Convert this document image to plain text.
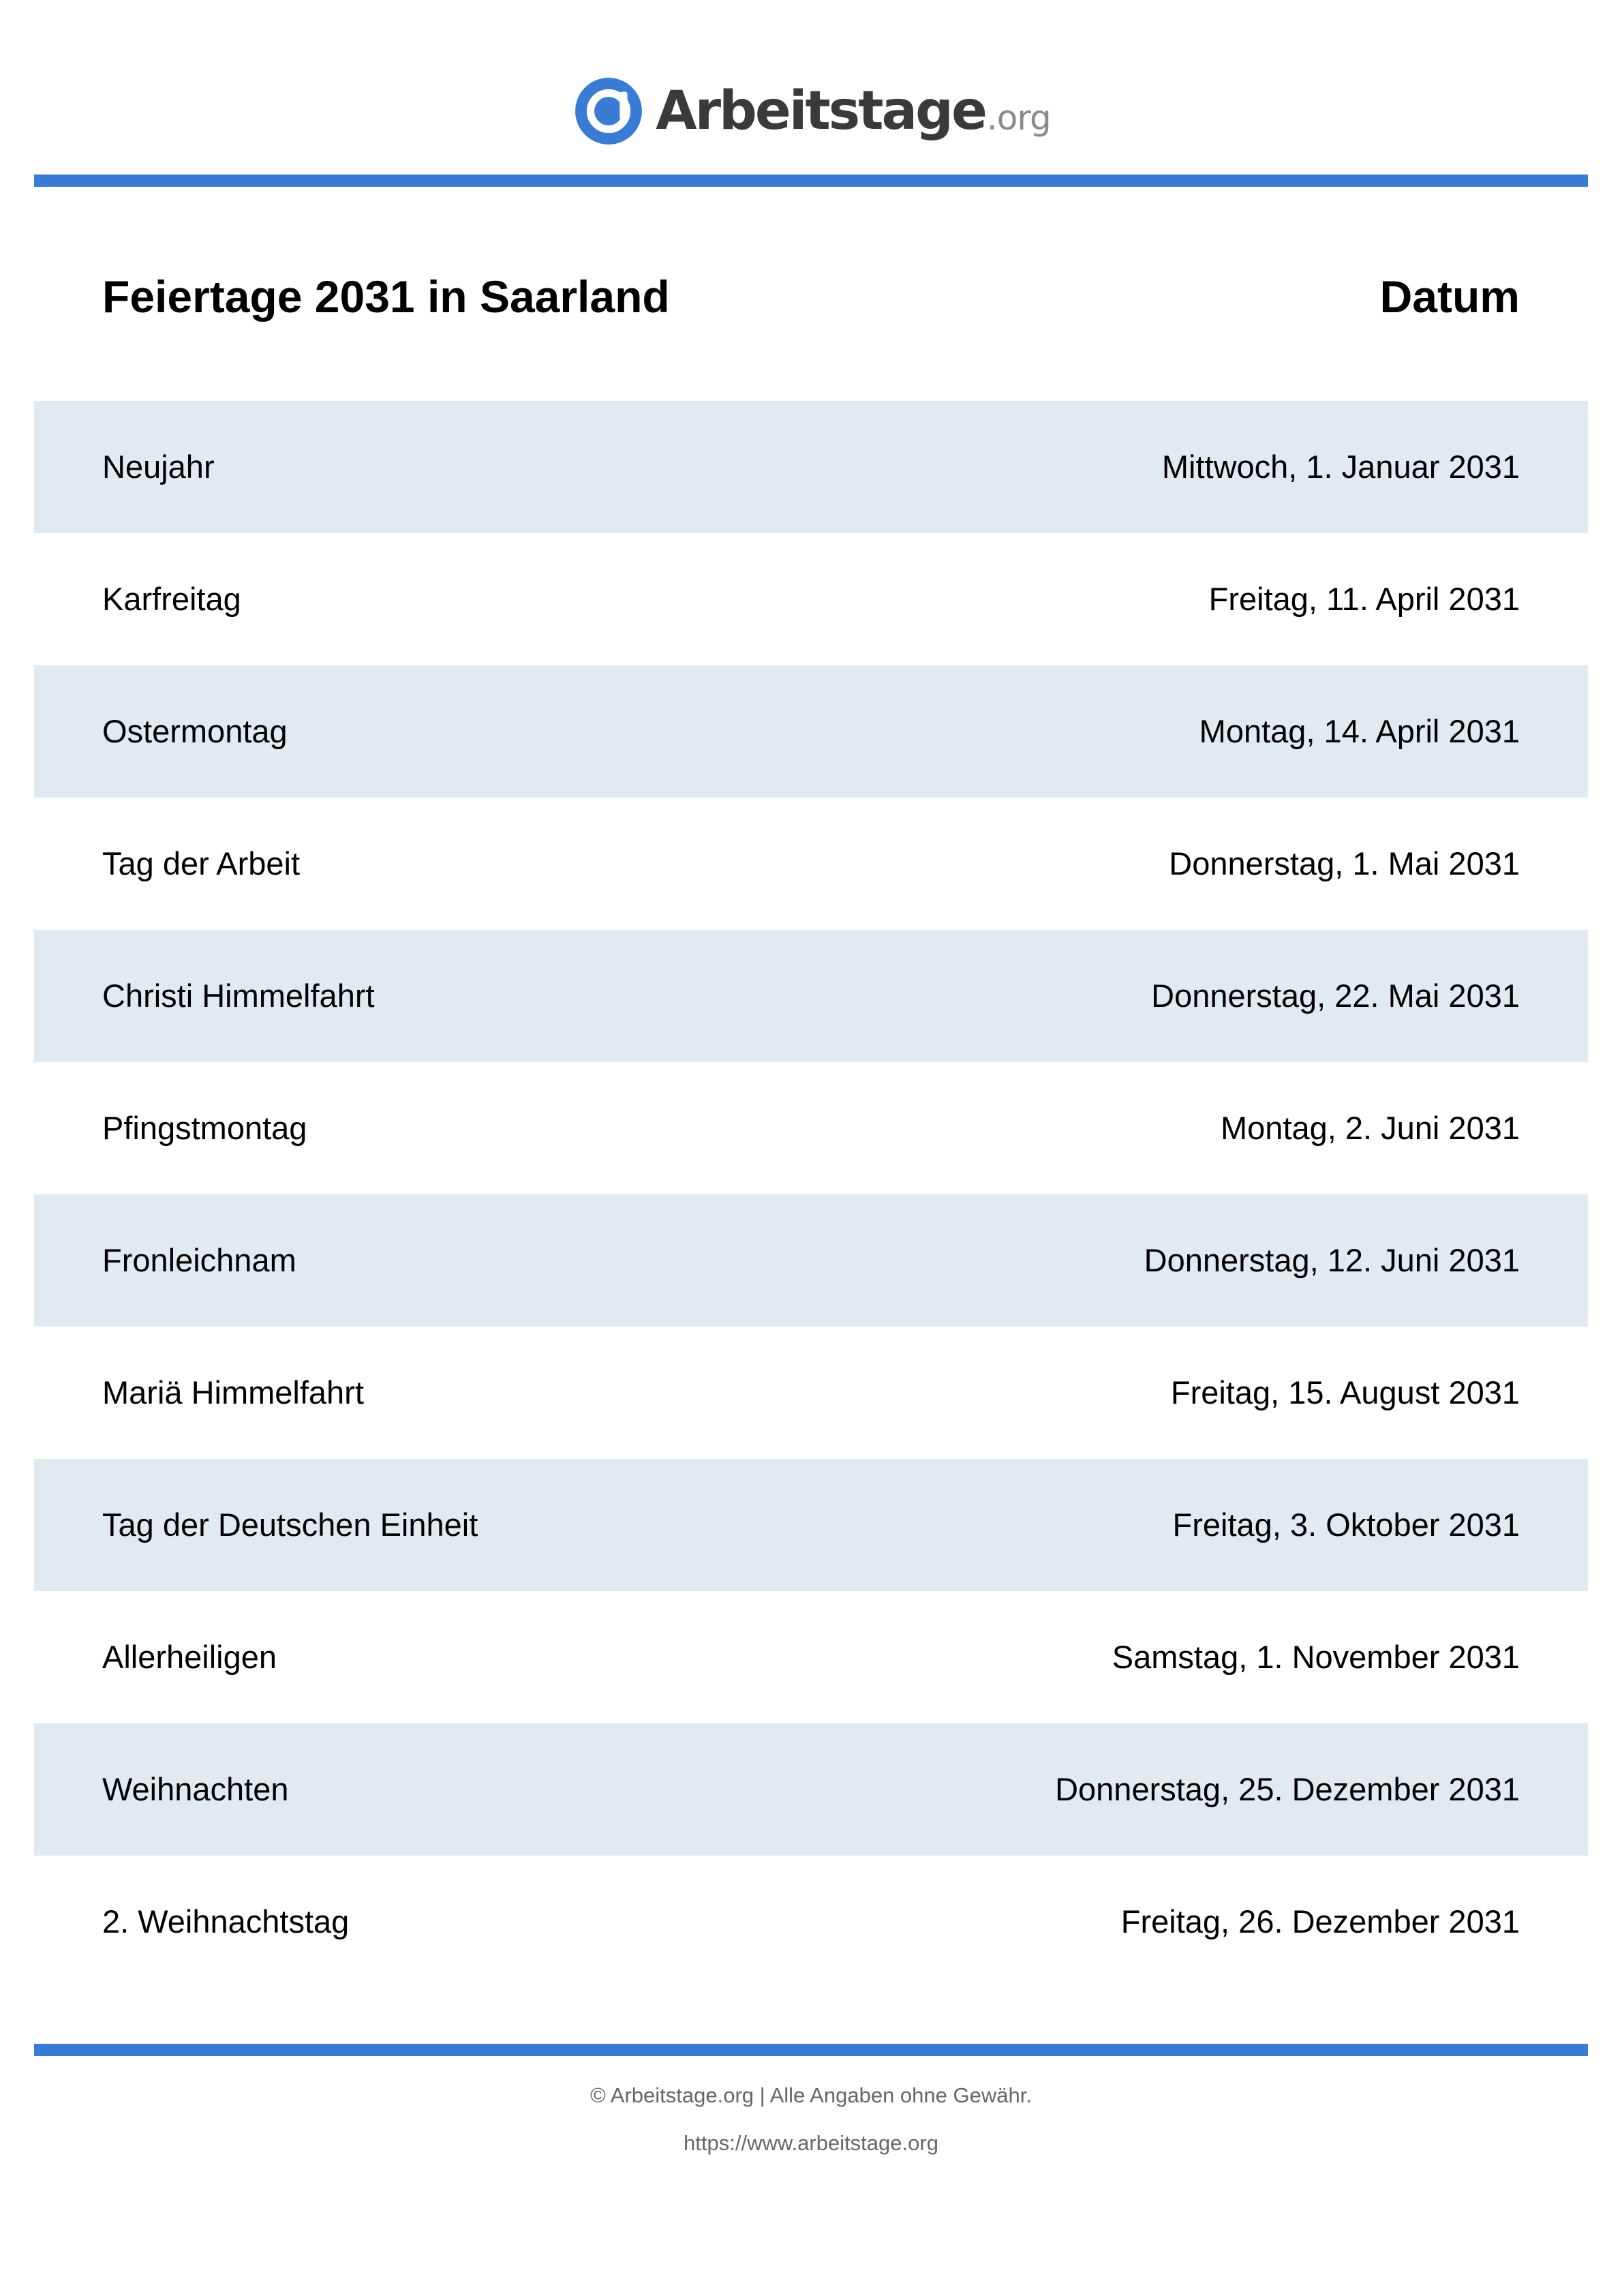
Arbeitstage .org
Feiertage 2031 in Saarland	Datum
Neujahr	Mittwoch, 1. Januar 2031
Karfreitag	Freitag, 11. April 2031
Ostermontag	Montag, 14. April 2031
Tag der Arbeit	Donnerstag, 1. Mai 2031
Christi Himmelfahrt	Donnerstag, 22. Mai 2031
Pfingstmontag	Montag, 2. Juni 2031
Fronleichnam	Donnerstag, 12. Juni 2031
Mariä Himmelfahrt	Freitag, 15. August 2031
Tag der Deutschen Einheit	Freitag, 3. Oktober 2031
Allerheiligen	Samstag, 1. November 2031
Weihnachten	Donnerstag, 25. Dezember 2031
2. Weihnachtstag	Freitag, 26. Dezember 2031
© Arbeitstage.org | Alle Angaben ohne Gewähr.
https://www.arbeitstage.org
